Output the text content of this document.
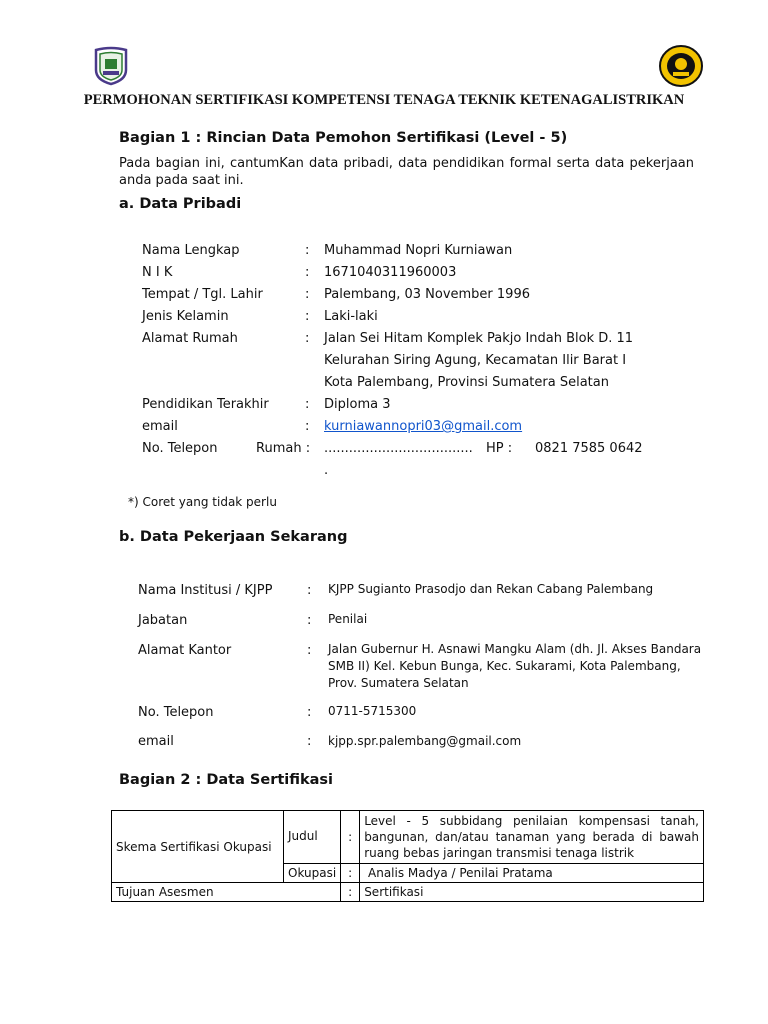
PERMOHONAN SERTIFIKASI KOMPETENSI TENAGA TEKNIK KETENAGALISTRIKAN
Bagian 1 : Rincian Data Pemohon Sertifikasi (Level - 5)
Pada bagian ini, cantumKan data pribadi, data pendidikan formal serta data pekerjaan anda pada saat ini.
a. Data Pribadi
Nama Lengkap	: Muhammad Nopri Kurniawan
N I K	: 1671040311960003
Tempat / Tgl. Lahir	: Palembang, 03 November 1996
Jenis Kelamin	: Laki-laki
Alamat Rumah	: Jalan Sei Hitam Komplek Pakjo Indah Blok D. 11
Kelurahan Siring Agung, Kecamatan Ilir Barat I
Kota Palembang, Provinsi Sumatera Selatan
Pendidikan Terakhir	: Diploma 3
email	: kurniawannopri03@gmail.com
No. Telepon	Rumah : .................................... HP : 0821 7585 0642
.
*) Coret yang tidak perlu
b. Data Pekerjaan Sekarang
Nama Institusi / KJPP	: KJPP Sugianto Prasodjo dan Rekan Cabang Palembang
Jabatan	: Penilai
Alamat Kantor	: Jalan Gubernur H. Asnawi Mangku Alam (dh. Jl. Akses Bandara SMB II) Kel. Kebun Bunga, Kec. Sukarami, Kota Palembang, Prov. Sumatera Selatan
No. Telepon	: 0711-5715300
email	: kjpp.spr.palembang@gmail.com
Bagian 2 : Data Sertifikasi
Skema Sertifikasi Okupasi	Judul	:	Level - 5 subbidang penilaian kompensasi tanah, bangunan, dan/atau tanaman yang berada di bawah ruang bebas jaringan transmisi tenaga listrik
	Okupasi	:	Analis Madya / Penilai Pratama
Tujuan Asesmen		:	Sertifikasi
